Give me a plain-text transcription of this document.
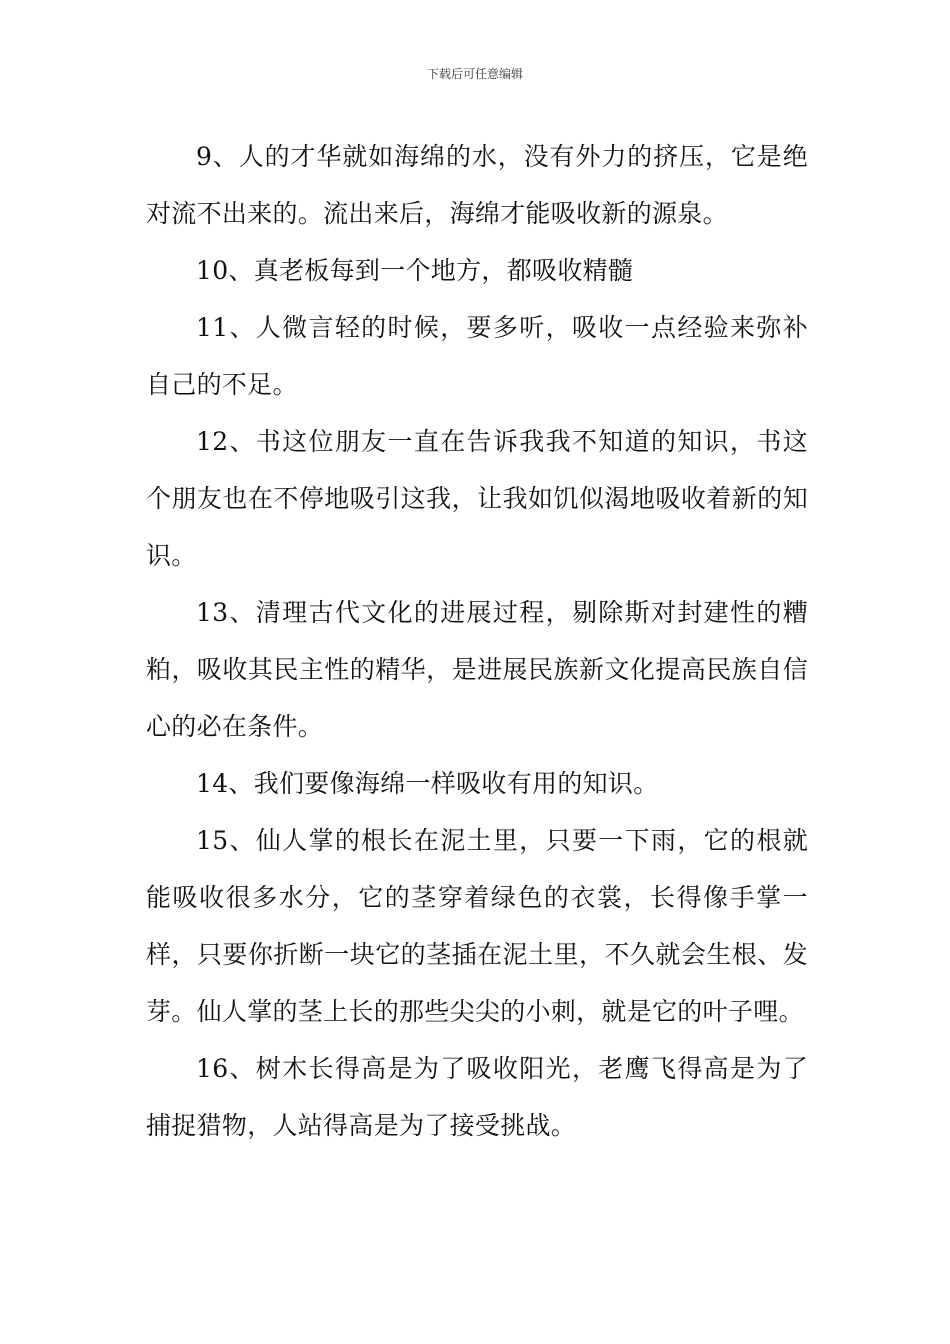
下载后可任意编辑

9、人的才华就如海绵的水，没有外力的挤压，它是绝对流不出来的。流出来后，海绵才能吸收新的源泉。

10、真老板每到一个地方，都吸收精髓

11、人微言轻的时候，要多听，吸收一点经验来弥补自己的不足。

12、书这位朋友一直在告诉我我不知道的知识，书这个朋友也在不停地吸引这我，让我如饥似渴地吸收着新的知识。

13、清理古代文化的进展过程，剔除斯对封建性的糟粕，吸收其民主性的精华，是进展民族新文化提高民族自信心的必在条件。

14、我们要像海绵一样吸收有用的知识。

15、仙人掌的根长在泥土里，只要一下雨，它的根就能吸收很多水分，它的茎穿着绿色的衣裳，长得像手掌一样，只要你折断一块它的茎插在泥土里，不久就会生根、发芽。仙人掌的茎上长的那些尖尖的小刺，就是它的叶子哩。

16、树木长得高是为了吸收阳光，老鹰飞得高是为了捕捉猎物，人站得高是为了接受挑战。
